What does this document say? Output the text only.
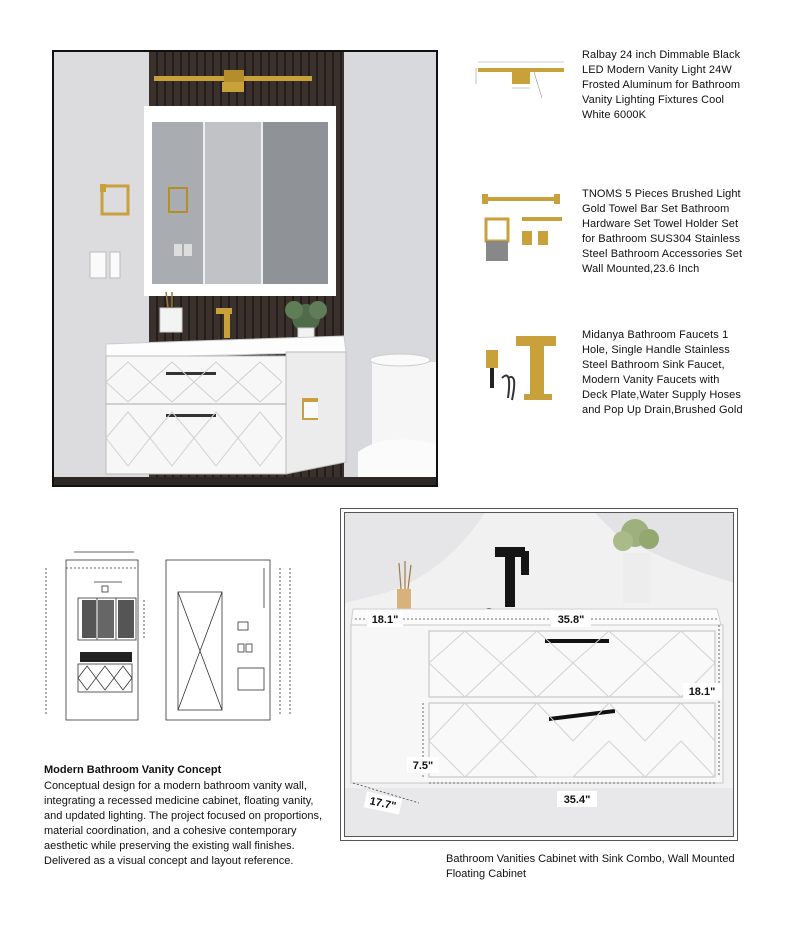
Ralbay 24 inch Dimmable Black LED Modern Vanity Light 24W Frosted Aluminum for Bathroom Vanity Lighting Fixtures Cool White 6000K
TNOMS 5 Pieces Brushed Light Gold Towel Bar Set Bathroom Hardware Set Towel Holder Set for Bathroom SUS304 Stainless Steel Bathroom Accessories Set Wall Mounted,23.6 Inch
Midanya Bathroom Faucets 1 Hole, Single Handle Stainless Steel Bathroom Sink Faucet, Modern Vanity Faucets with Deck Plate,Water Supply Hoses and Pop Up Drain,Brushed Gold
Modern Bathroom Vanity Concept

Conceptual design for a modern bathroom vanity wall, integrating a recessed medicine cabinet, floating vanity, and updated lighting. The project focused on proportions, material coordination, and a cohesive contemporary aesthetic while preserving the existing wall finishes. Delivered as a visual concept and layout reference.

18.1"	35.8"
18.1"
7.5"
17.7"	35.4"
Bathroom Vanities Cabinet with Sink Combo, Wall Mounted Floating Cabinet
